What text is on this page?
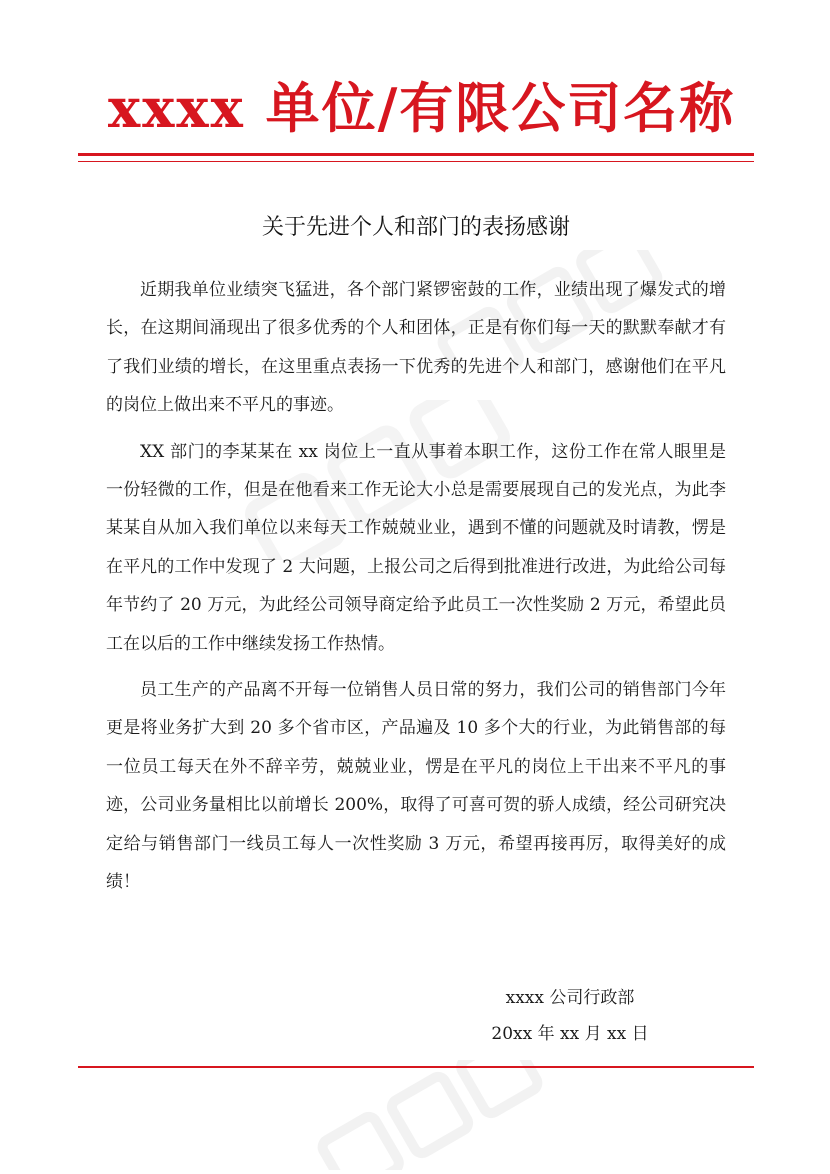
xxxx 单位/有限公司名称
关于先进个人和部门的表扬感谢

近期我单位业绩突飞猛进，各个部门紧锣密鼓的工作，业绩出现了爆发式的增长，在这期间涌现出了很多优秀的个人和团体，正是有你们每一天的默默奉献才有了我们业绩的增长，在这里重点表扬一下优秀的先进个人和部门，感谢他们在平凡的岗位上做出来不平凡的事迹。

XX 部门的李某某在 xx 岗位上一直从事着本职工作，这份工作在常人眼里是一份轻微的工作，但是在他看来工作无论大小总是需要展现自己的发光点，为此李某某自从加入我们单位以来每天工作兢兢业业，遇到不懂的问题就及时请教，愣是在平凡的工作中发现了 2 大问题，上报公司之后得到批准进行改进，为此给公司每年节约了 20 万元，为此经公司领导商定给予此员工一次性奖励 2 万元，希望此员工在以后的工作中继续发扬工作热情。

员工生产的产品离不开每一位销售人员日常的努力，我们公司的销售部门今年更是将业务扩大到 20 多个省市区，产品遍及 10 多个大的行业，为此销售部的每一位员工每天在外不辞辛劳，兢兢业业，愣是在平凡的岗位上干出来不平凡的事迹，公司业务量相比以前增长 200%，取得了可喜可贺的骄人成绩，经公司研究决定给与销售部门一线员工每人一次性奖励 3 万元，希望再接再厉，取得美好的成绩！

xxxx 公司行政部
20xx 年 xx 月 xx 日
